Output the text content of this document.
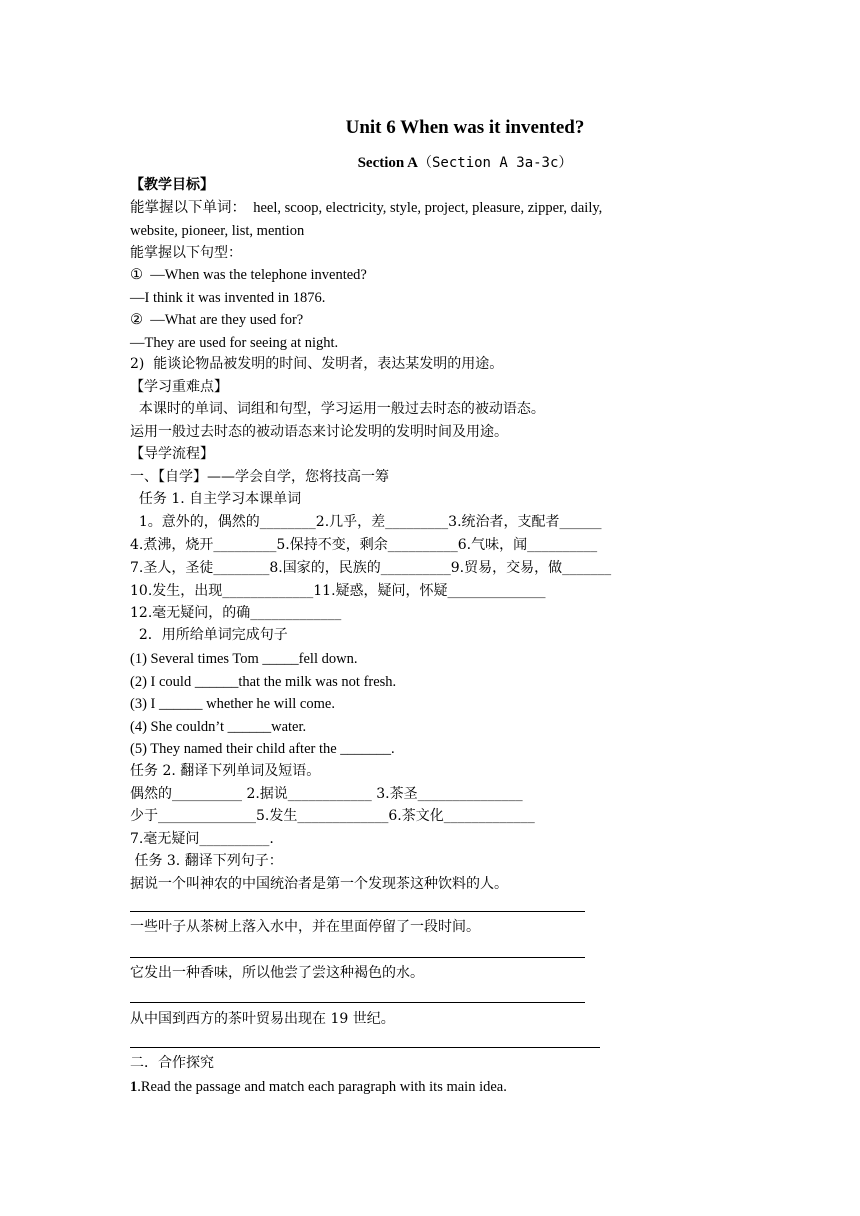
Unit 6 When was it invented?
Section A（Section A 3a-3c）
【教学目标】
能掌握以下单词：  heel, scoop, electricity, style, project, pleasure, zipper, daily,
website, pioneer, list, mention
能掌握以下句型：
①  —When was the telephone invented?
—I think it was invented in 1876.
②  —What are they used for?
—They are used for seeing at night.
2)  能谈论物品被发明的时间、发明者，表达某发明的用途。
【学习重难点】
本课时的单词、词组和句型，学习运用一般过去时态的被动语态。
运用一般过去时态的被动语态来讨论发明的发明时间及用途。
【导学流程】
一、【自学】——学会自学，您将技高一筹
任务 1. 自主学习本课单词
1。意外的，偶然的________2.几乎，差_________3.统治者，支配者______
4.煮沸，烧开_________5.保持不变，剩余__________6.气味，闻__________
7.圣人，圣徒________8.国家的，民族的__________9.贸易，交易，做_______
10.发生，出现_____________11.疑惑，疑问，怀疑______________
12.毫无疑问，的确_____________
2．用所给单词完成句子
(1) Several times Tom _____fell down.
(2) I could ______that the milk was not fresh.
(3) I ______ whether he will come.
(4) She couldn’t ______water.
(5) They named their child after the _______.
任务 2. 翻译下列单词及短语。
偶然的__________ 2.据说____________ 3.茶圣_______________
少于______________5.发生_____________6.茶文化_____________
7.毫无疑问__________.
任务 3. 翻译下列句子：
据说一个叫神农的中国统治者是第一个发现茶这种饮料的人。
一些叶子从茶树上落入水中，并在里面停留了一段时间。
它发出一种香味，所以他尝了尝这种褐色的水。
从中国到西方的茶叶贸易出现在 19 世纪。
二．合作探究
1.Read the passage and match each paragraph with its main idea.
